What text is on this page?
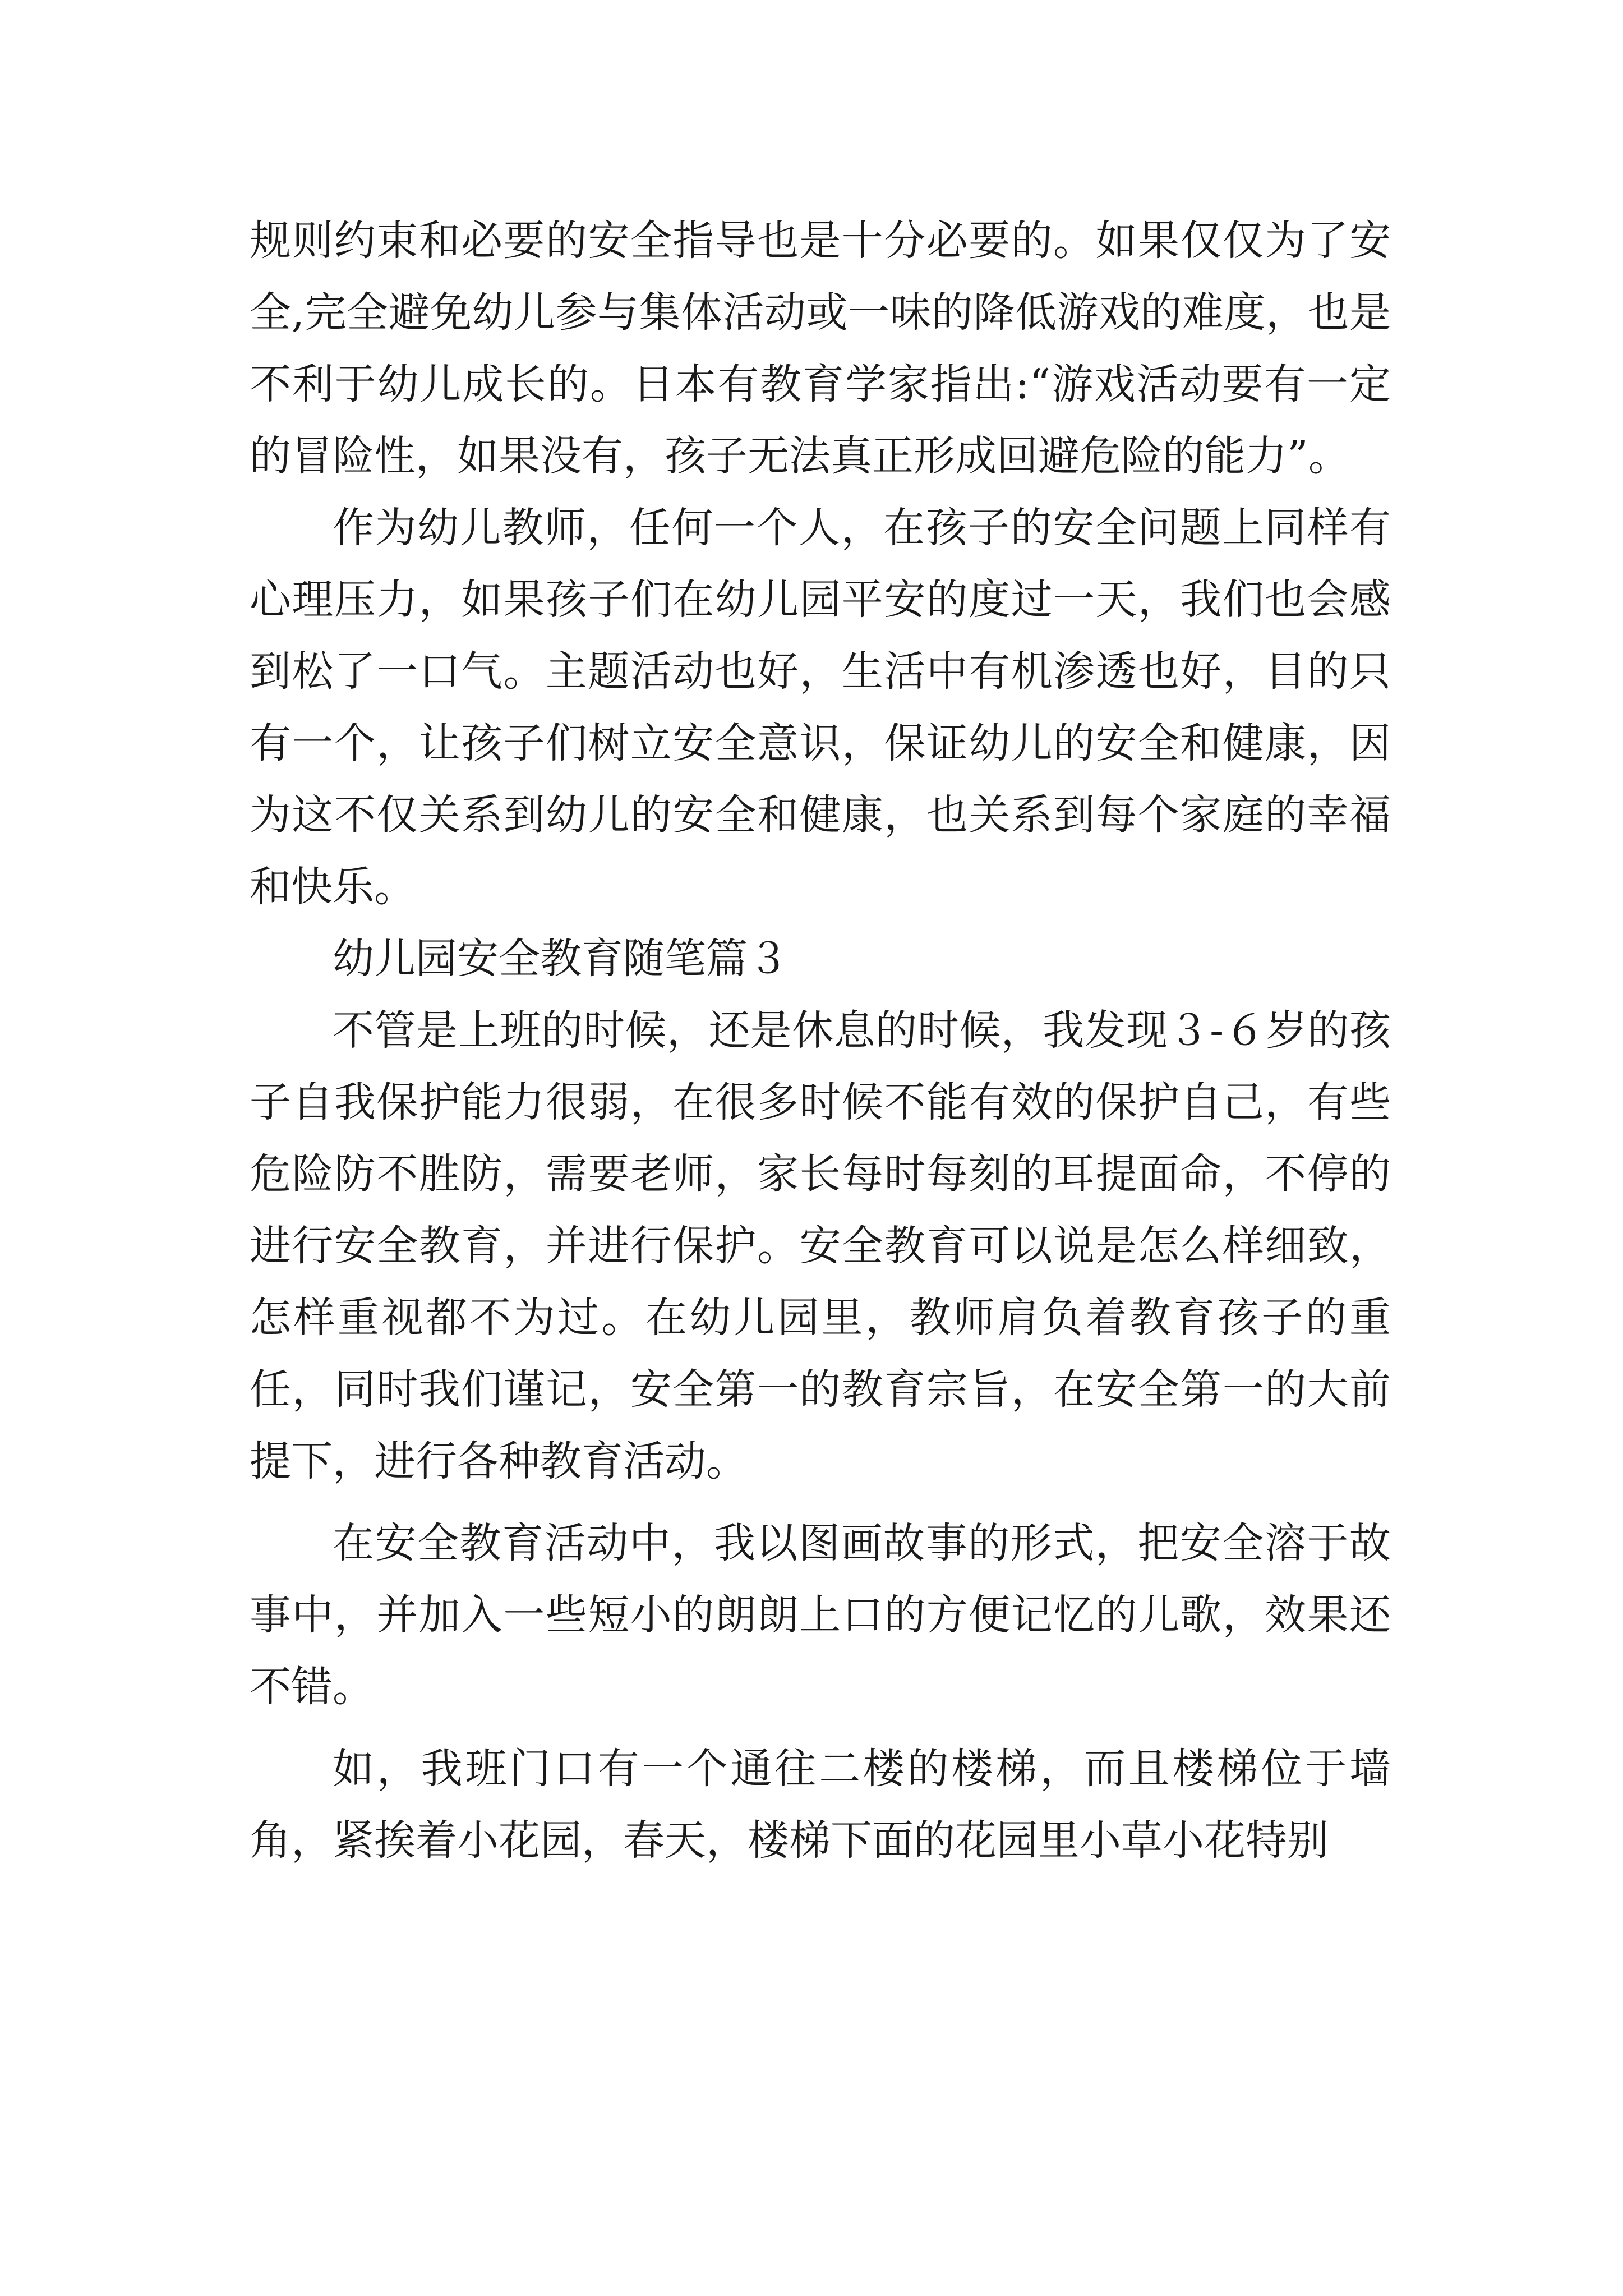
规则约束和必要的安全指导也是十分必要的。如果仅仅为了安全,完全避免幼儿参与集体活动或一味的降低游戏的难度，也是不利于幼儿成长的。日本有教育学家指出:“游戏活动要有一定的冒险性，如果没有，孩子无法真正形成回避危险的能力”。

作为幼儿教师，任何一个人，在孩子的安全问题上同样有心理压力，如果孩子们在幼儿园平安的度过一天，我们也会感到松了一口气。主题活动也好，生活中有机渗透也好，目的只有一个，让孩子们树立安全意识，保证幼儿的安全和健康，因为这不仅关系到幼儿的安全和健康，也关系到每个家庭的幸福和快乐。

幼儿园安全教育随笔篇３

不管是上班的时候，还是休息的时候，我发现３-６岁的孩子自我保护能力很弱，在很多时候不能有效的保护自己，有些危险防不胜防，需要老师，家长每时每刻的耳提面命，不停的进行安全教育，并进行保护。安全教育可以说是怎么样细致，怎样重视都不为过。在幼儿园里，教师肩负着教育孩子的重任，同时我们谨记，安全第一的教育宗旨，在安全第一的大前提下，进行各种教育活动。

在安全教育活动中，我以图画故事的形式，把安全溶于故事中，并加入一些短小的朗朗上口的方便记忆的儿歌，效果还不错。

如，我班门口有一个通往二楼的楼梯，而且楼梯位于墙角，紧挨着小花园，春天，楼梯下面的花园里小草小花特别
